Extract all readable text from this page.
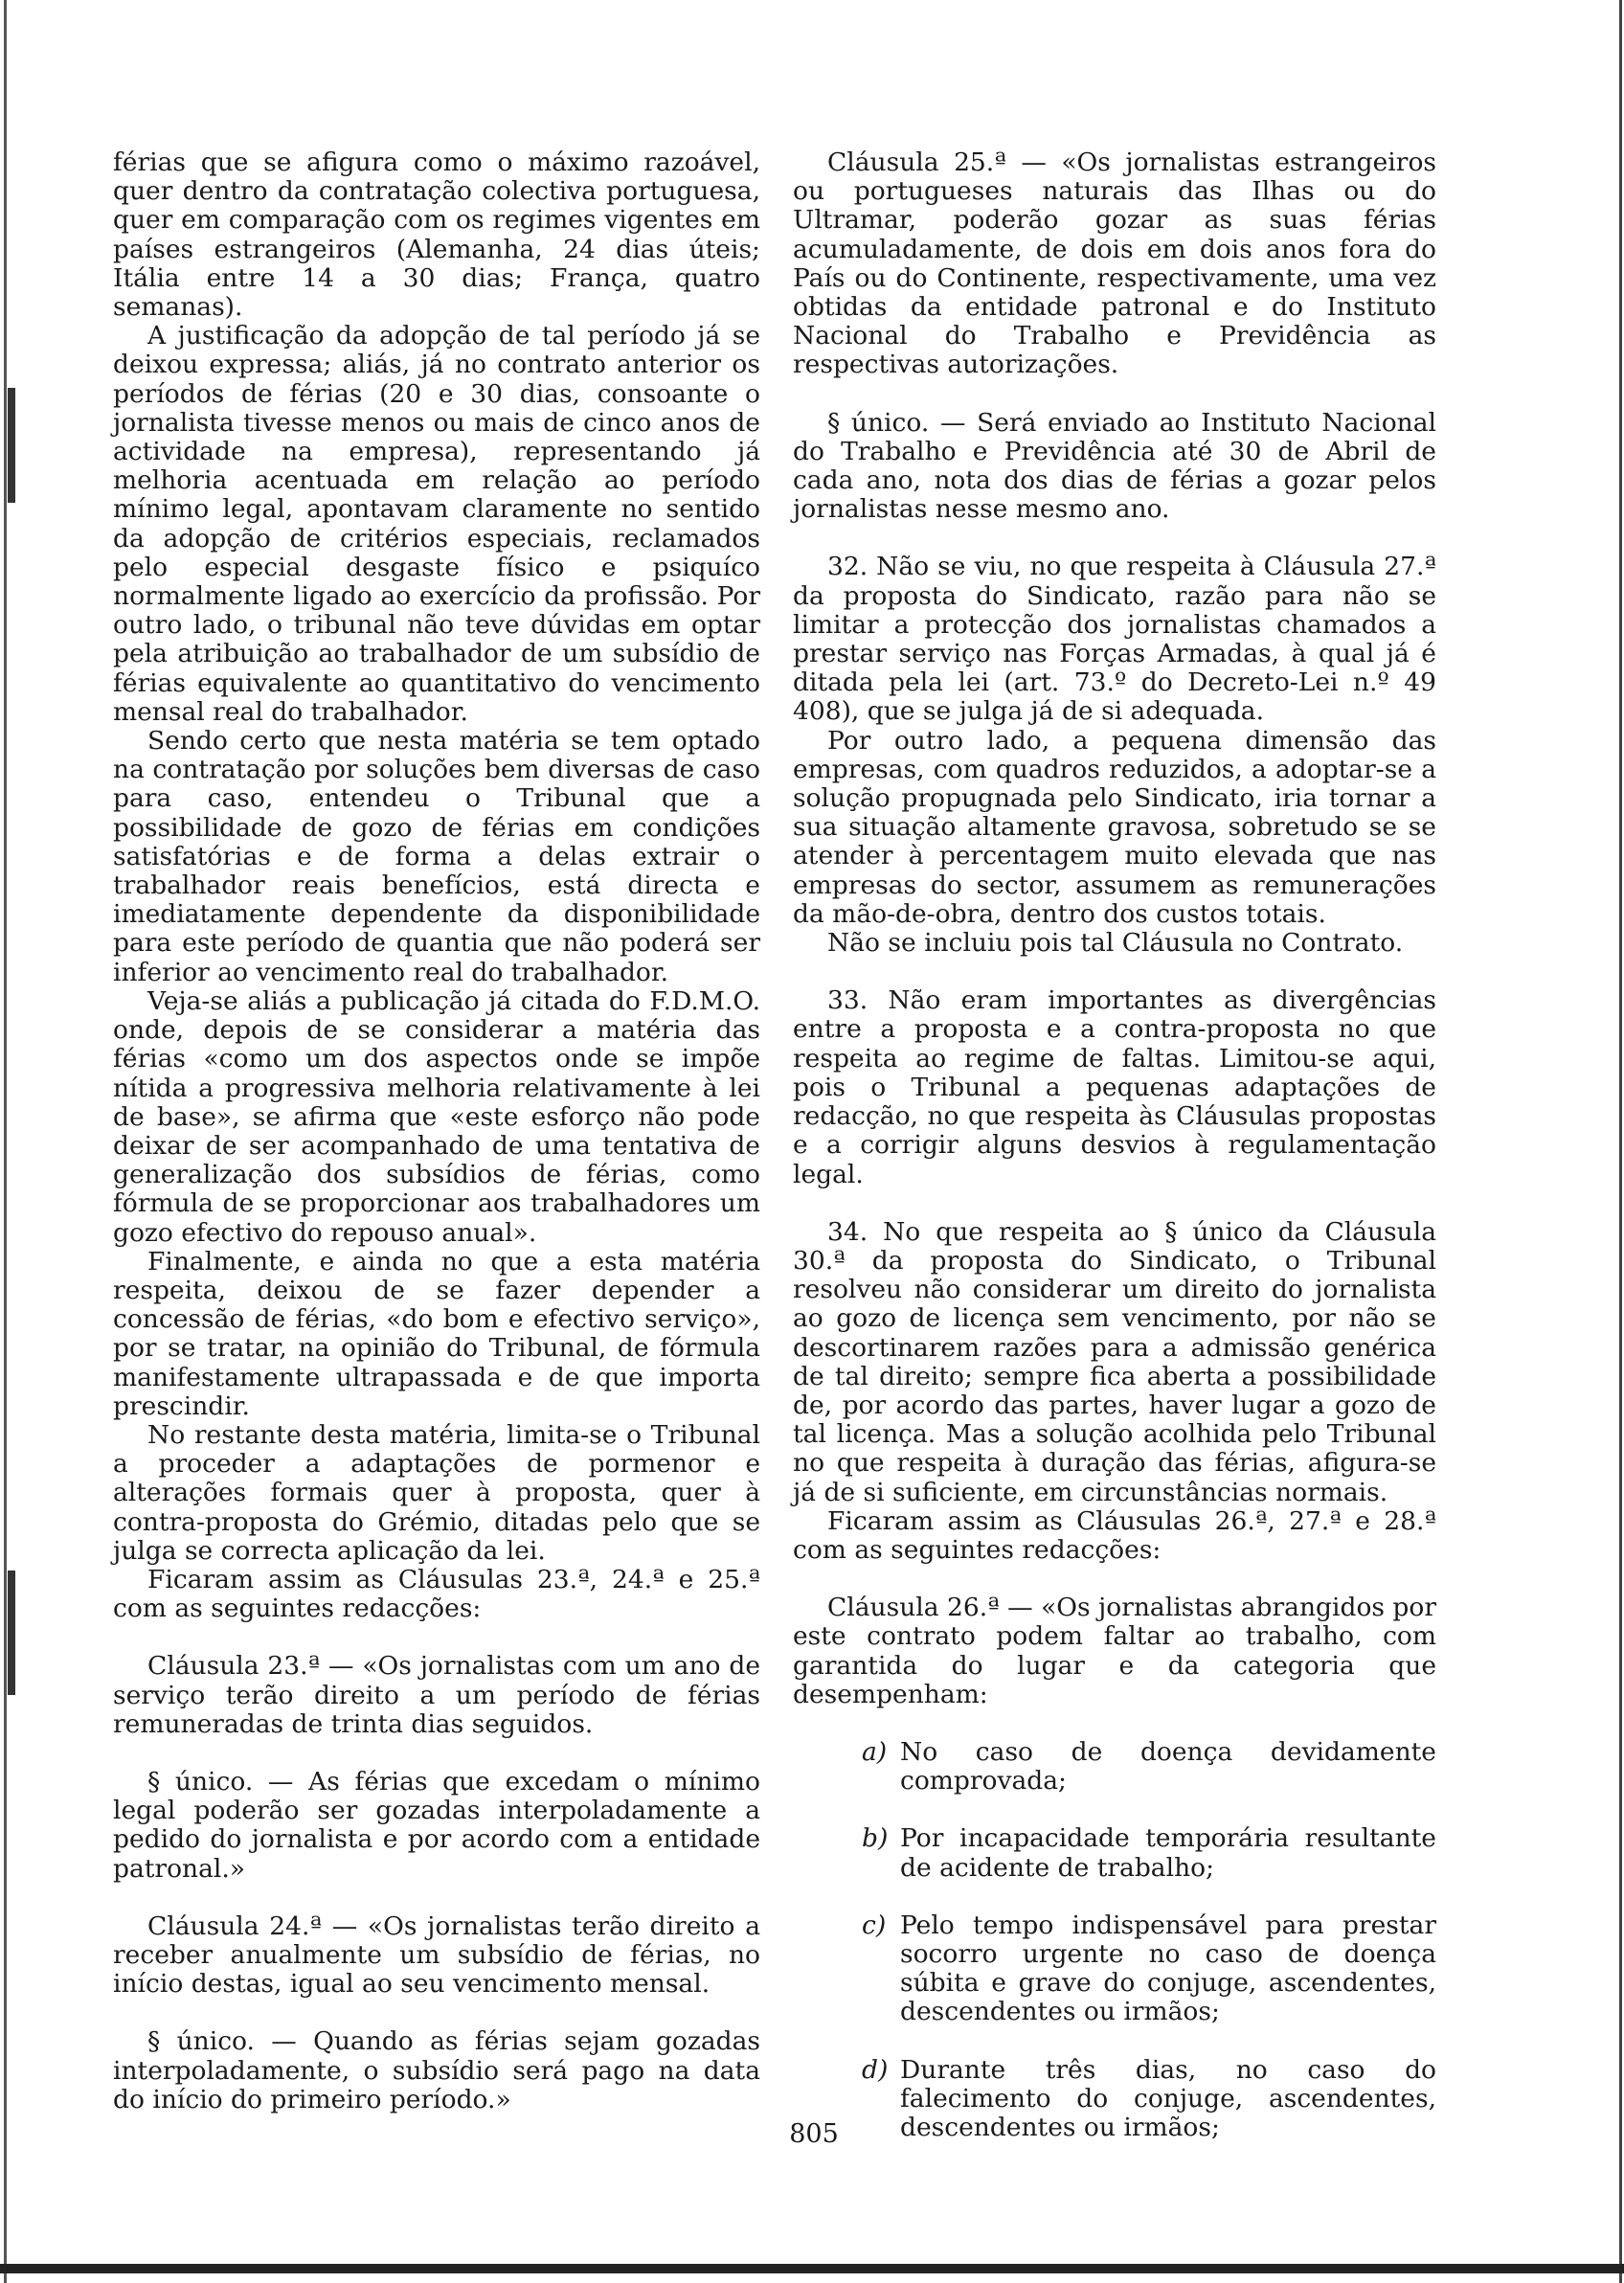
férias que se afigura como o máximo razoável, quer dentro da contratação colectiva portuguesa, quer em comparação com os regimes vigentes em países estrangeiros (Alemanha, 24 dias úteis; Itália entre 14 a 30 dias; França, quatro semanas).

A justificação da adopção de tal período já se deixou expressa; aliás, já no contrato anterior os períodos de férias (20 e 30 dias, consoante o jornalista tivesse menos ou mais de cinco anos de actividade na empresa), representando já melhoria acentuada em relação ao período mínimo legal, apontavam claramente no sentido da adopção de critérios especiais, reclamados pelo especial desgaste físico e psiquíco normalmente ligado ao exercício da profissão. Por outro lado, o tribunal não teve dúvidas em optar pela atribuição ao trabalhador de um subsídio de férias equivalente ao quantitativo do vencimento mensal real do trabalhador.

Sendo certo que nesta matéria se tem optado na contratação por soluções bem diversas de caso para caso, entendeu o Tribunal que a possibilidade de gozo de férias em condições satisfatórias e de forma a delas extrair o trabalhador reais benefícios, está directa e imediatamente dependente da disponibilidade para este período de quantia que não poderá ser inferior ao vencimento real do trabalhador.

Veja-se aliás a publicação já citada do F.D.M.O. onde, depois de se considerar a matéria das férias «como um dos aspectos onde se impõe nítida a progressiva melhoria relativamente à lei de base», se afirma que «este esforço não pode deixar de ser acompanhado de uma tentativa de generalização dos subsídios de férias, como fórmula de se proporcionar aos trabalhadores um gozo efectivo do repouso anual».

Finalmente, e ainda no que a esta matéria respeita, deixou de se fazer depender a concessão de férias, «do bom e efectivo serviço», por se tratar, na opinião do Tribunal, de fórmula manifestamente ultrapassada e de que importa prescindir.

No restante desta matéria, limita-se o Tribunal a proceder a adaptações de pormenor e alterações formais quer à proposta, quer à contra-proposta do Grémio, ditadas pelo que se julga se correcta aplicação da lei.

Ficaram assim as Cláusulas 23.ª, 24.ª e 25.ª com as seguintes redacções:

Cláusula 23.ª — «Os jornalistas com um ano de serviço terão direito a um período de férias remuneradas de trinta dias seguidos.

§ único. — As férias que excedam o mínimo legal poderão ser gozadas interpoladamente a pedido do jornalista e por acordo com a entidade patronal.»

Cláusula 24.ª — «Os jornalistas terão direito a receber anualmente um subsídio de férias, no início destas, igual ao seu vencimento mensal.

§ único. — Quando as férias sejam gozadas interpoladamente, o subsídio será pago na data do início do primeiro período.»

Cláusula 25.ª — «Os jornalistas estrangeiros ou portugueses naturais das Ilhas ou do Ultramar, poderão gozar as suas férias acumuladamente, de dois em dois anos fora do País ou do Continente, respectivamente, uma vez obtidas da entidade patronal e do Instituto Nacional do Trabalho e Previdência as respectivas autorizações.

§ único. — Será enviado ao Instituto Nacional do Trabalho e Previdência até 30 de Abril de cada ano, nota dos dias de férias a gozar pelos jornalistas nesse mesmo ano.

32. Não se viu, no que respeita à Cláusula 27.ª da proposta do Sindicato, razão para não se limitar a protecção dos jornalistas chamados a prestar serviço nas Forças Armadas, à qual já é ditada pela lei (art. 73.º do Decreto-Lei n.º 49 408), que se julga já de si adequada.

Por outro lado, a pequena dimensão das empresas, com quadros reduzidos, a adoptar-se a solução propugnada pelo Sindicato, iria tornar a sua situação altamente gravosa, sobretudo se se atender à percentagem muito elevada que nas empresas do sector, assumem as remunerações da mão-de-obra, dentro dos custos totais.

Não se incluiu pois tal Cláusula no Contrato.

33. Não eram importantes as divergências entre a proposta e a contra-proposta no que respeita ao regime de faltas. Limitou-se aqui, pois o Tribunal a pequenas adaptações de redacção, no que respeita às Cláusulas propostas e a corrigir alguns desvios à regulamentação legal.

34. No que respeita ao § único da Cláusula 30.ª da proposta do Sindicato, o Tribunal resolveu não considerar um direito do jornalista ao gozo de licença sem vencimento, por não se descortinarem razões para a admissão genérica de tal direito; sempre fica aberta a possibilidade de, por acordo das partes, haver lugar a gozo de tal licença. Mas a solução acolhida pelo Tribunal no que respeita à duração das férias, afigura-se já de si suficiente, em circunstâncias normais.

Ficaram assim as Cláusulas 26.ª, 27.ª e 28.ª com as seguintes redacções:

Cláusula 26.ª — «Os jornalistas abrangidos por este contrato podem faltar ao trabalho, com garantida do lugar e da categoria que desempenham:

a) No caso de doença devidamente comprovada;
b) Por incapacidade temporária resultante de acidente de trabalho;
c) Pelo tempo indispensável para prestar socorro urgente no caso de doença súbita e grave do conjuge, ascendentes, descendentes ou irmãos;
d) Durante três dias, no caso do falecimento do conjuge, ascendentes, descendentes ou irmãos;
805
